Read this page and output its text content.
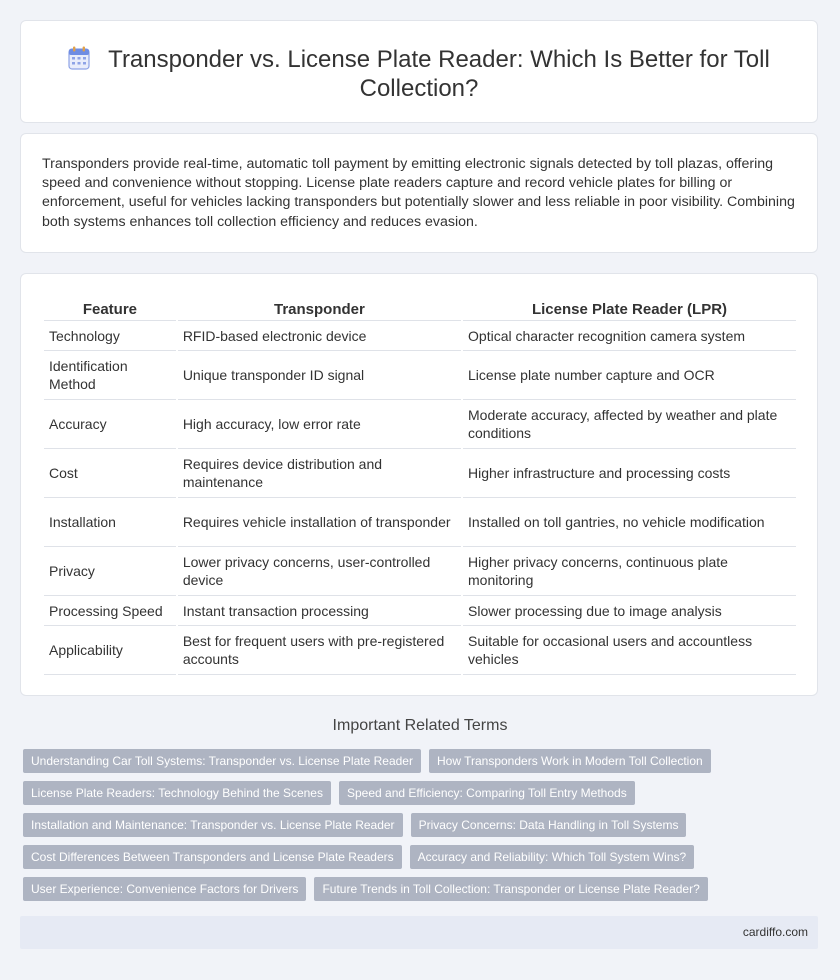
Transponder vs. License Plate Reader: Which Is Better for Toll Collection?

Transponders provide real-time, automatic toll payment by emitting electronic signals detected by toll plazas, offering speed and convenience without stopping. License plate readers capture and record vehicle plates for billing or enforcement, useful for vehicles lacking transponders but potentially slower and less reliable in poor visibility. Combining both systems enhances toll collection efficiency and reduces evasion.

Feature	Transponder	License Plate Reader (LPR)
Technology	RFID-based electronic device	Optical character recognition camera system
Identification Method	Unique transponder ID signal	License plate number capture and OCR
Accuracy	High accuracy, low error rate	Moderate accuracy, affected by weather and plate conditions
Cost	Requires device distribution and maintenance	Higher infrastructure and processing costs
Installation	Requires vehicle installation of transponder	Installed on toll gantries, no vehicle modification
Privacy	Lower privacy concerns, user-controlled device	Higher privacy concerns, continuous plate monitoring
Processing Speed	Instant transaction processing	Slower processing due to image analysis
Applicability	Best for frequent users with pre-registered accounts	Suitable for occasional users and accountless vehicles
Important Related Terms
Understanding Car Toll Systems: Transponder vs. License Plate Reader	How Transponders Work in Modern Toll Collection
License Plate Readers: Technology Behind the Scenes	Speed and Efficiency: Comparing Toll Entry Methods
Installation and Maintenance: Transponder vs. License Plate Reader	Privacy Concerns: Data Handling in Toll Systems
Cost Differences Between Transponders and License Plate Readers	Accuracy and Reliability: Which Toll System Wins?
User Experience: Convenience Factors for Drivers	Future Trends in Toll Collection: Transponder or License Plate Reader?
cardiffo.com
